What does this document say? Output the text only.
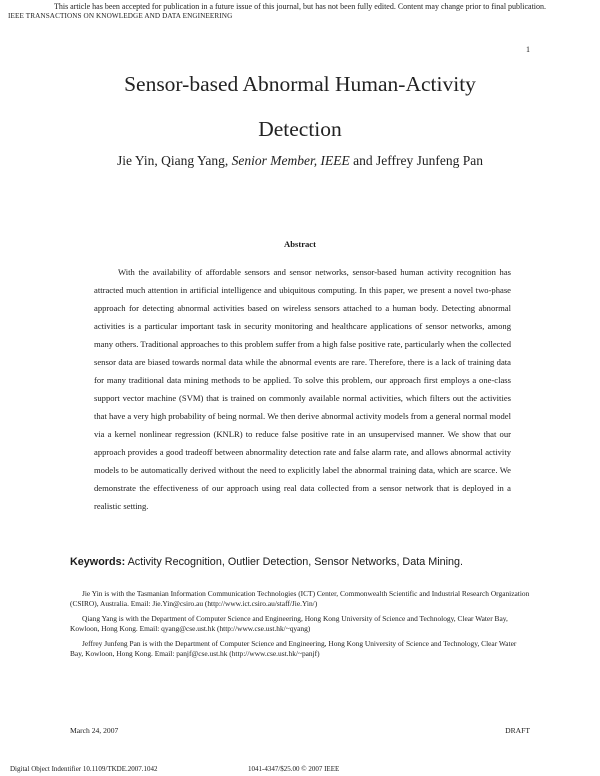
This article has been accepted for publication in a future issue of this journal, but has not been fully edited. Content may change prior to final publication.
IEEE TRANSACTIONS ON KNOWLEDGE AND DATA ENGINEERING
1
Sensor-based Abnormal Human-Activity
Detection
Jie Yin, Qiang Yang, Senior Member, IEEE and Jeffrey Junfeng Pan
Abstract

With the availability of affordable sensors and sensor networks, sensor-based human activity recognition has attracted much attention in artificial intelligence and ubiquitous computing. In this paper, we present a novel two-phase approach for detecting abnormal activities based on wireless sensors attached to a human body. Detecting abnormal activities is a particular important task in security monitoring and healthcare applications of sensor networks, among many others. Traditional approaches to this problem suffer from a high false positive rate, particularly when the collected sensor data are biased towards normal data while the abnormal events are rare. Therefore, there is a lack of training data for many traditional data mining methods to be applied. To solve this problem, our approach first employs a one-class support vector machine (SVM) that is trained on commonly available normal activities, which filters out the activities that have a very high probability of being normal. We then derive abnormal activity models from a general normal model via a kernel nonlinear regression (KNLR) to reduce false positive rate in an unsupervised manner. We show that our approach provides a good tradeoff between abnormality detection rate and false alarm rate, and allows abnormal activity models to be automatically derived without the need to explicitly label the abnormal training data, which are scarce. We demonstrate the effectiveness of our approach using real data collected from a sensor network that is deployed in a realistic setting.

Keywords: Activity Recognition, Outlier Detection, Sensor Networks, Data Mining.

Jie Yin is with the Tasmanian Information Communication Technologies (ICT) Center, Commonwealth Scientific and Industrial Research Organization (CSIRO), Australia. Email: Jie.Yin@csiro.au (http://www.ict.csiro.au/staff/Jie.Yin/)

Qiang Yang is with the Department of Computer Science and Engineering, Hong Kong University of Science and Technology, Clear Water Bay, Kowloon, Hong Kong. Email: qyang@cse.ust.hk (http://www.cse.ust.hk/~qyang)

Jeffrey Junfeng Pan is with the Department of Computer Science and Engineering, Hong Kong University of Science and Technology, Clear Water Bay, Kowloon, Hong Kong. Email: panjf@cse.ust.hk (http://www.cse.ust.hk/~panjf)

March 24, 2007	DRAFT
Digital Object Indentifier 10.1109/TKDE.2007.1042	1041-4347/$25.00 © 2007 IEEE
